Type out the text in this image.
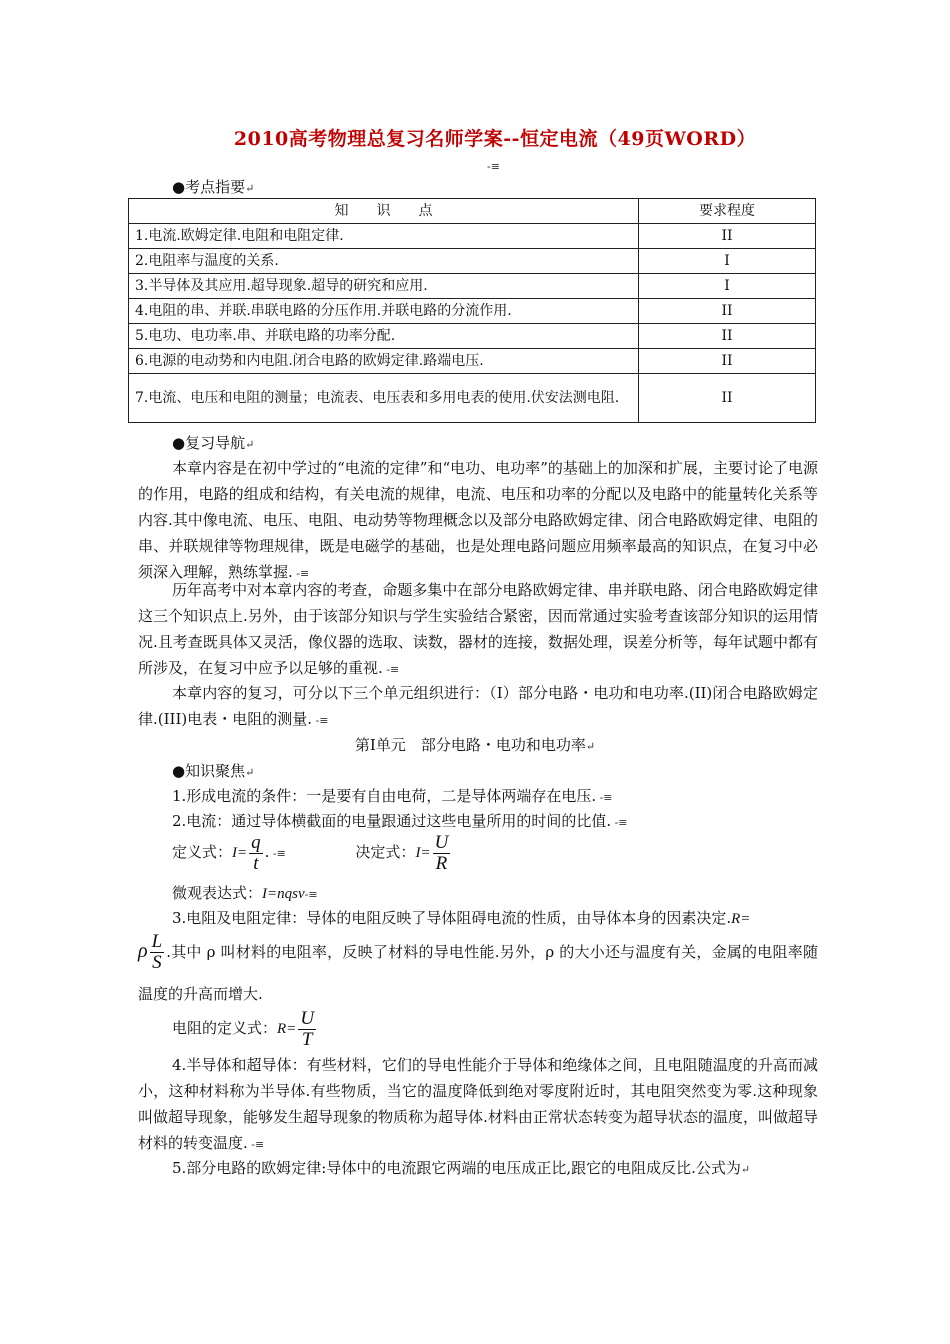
2010高考物理总复习名师学案--恒定电流（49页WORD）
-≡
●考点指要↵
知　　识　　点	要求程度
1.电流.欧姆定律.电阻和电阻定律.	II
2.电阻率与温度的关系.	I
3.半导体及其应用.超导现象.超导的研究和应用.	I
4.电阻的串、并联.串联电路的分压作用.并联电路的分流作用.	II
5.电功、电功率.串、并联电路的功率分配.	II
6.电源的电动势和内电阻.闭合电路的欧姆定律.路端电压.	II
7.电流、电压和电阻的测量；电流表、电压表和多用电表的使用.伏安法测电阻.	II
●复习导航↵
本章内容是在初中学过的“电流的定律”和“电功、电功率”的基础上的加深和扩展，主要讨论了电源的作用，电路的组成和结构，有关电流的规律，电流、电压和功率的分配以及电路中的能量转化关系等内容.其中像电流、电压、电阻、电动势等物理概念以及部分电路欧姆定律、闭合电路欧姆定律、电阻的串、并联规律等物理规律，既是电磁学的基础，也是处理电路问题应用频率最高的知识点，在复习中必须深入理解，熟练掌握. -≡
历年高考中对本章内容的考查，命题多集中在部分电路欧姆定律、串并联电路、闭合电路欧姆定律这三个知识点上.另外，由于该部分知识与学生实验结合紧密，因而常通过实验考查该部分知识的运用情况.且考查既具体又灵活，像仪器的选取、读数，器材的连接，数据处理，误差分析等，每年试题中都有所涉及，在复习中应予以足够的重视. -≡
本章内容的复习，可分以下三个单元组织进行：（I）部分电路・电功和电功率.(II)闭合电路欧姆定律.(III)电表・电阻的测量. -≡
第I单元　部分电路・电功和电功率↵
●知识聚焦↵
1.形成电流的条件：一是要有自由电荷，二是导体两端存在电压. -≡
2.电流：通过导体横截面的电量跟通过这些电量所用的时间的比值. -≡
定义式：$I= \frac{q}{t}$ . -≡	决定式：$I= \frac{U}{R}$
微观表达式：I=nqsv-≡
3.电阻及电阻定律：导体的电阻反映了导体阻碍电流的性质，由导体本身的因素决定.R=
ρ $\frac{L}{S}$ .其中 ρ 叫材料的电阻率，反映了材料的导电性能.另外，ρ 的大小还与温度有关，金属的电阻率随温度的升高而增大.
电阻的定义式：$R= \frac{U}{T}$
4.半导体和超导体：有些材料，它们的导电性能介于导体和绝缘体之间，且电阻随温度的升高而减小，这种材料称为半导体.有些物质，当它的温度降低到绝对零度附近时，其电阻突然变为零.这种现象叫做超导现象，能够发生超导现象的物质称为超导体.材料由正常状态转变为超导状态的温度，叫做超导材料的转变温度. -≡
5.部分电路的欧姆定律:导体中的电流跟它两端的电压成正比,跟它的电阻成反比.公式为↵
